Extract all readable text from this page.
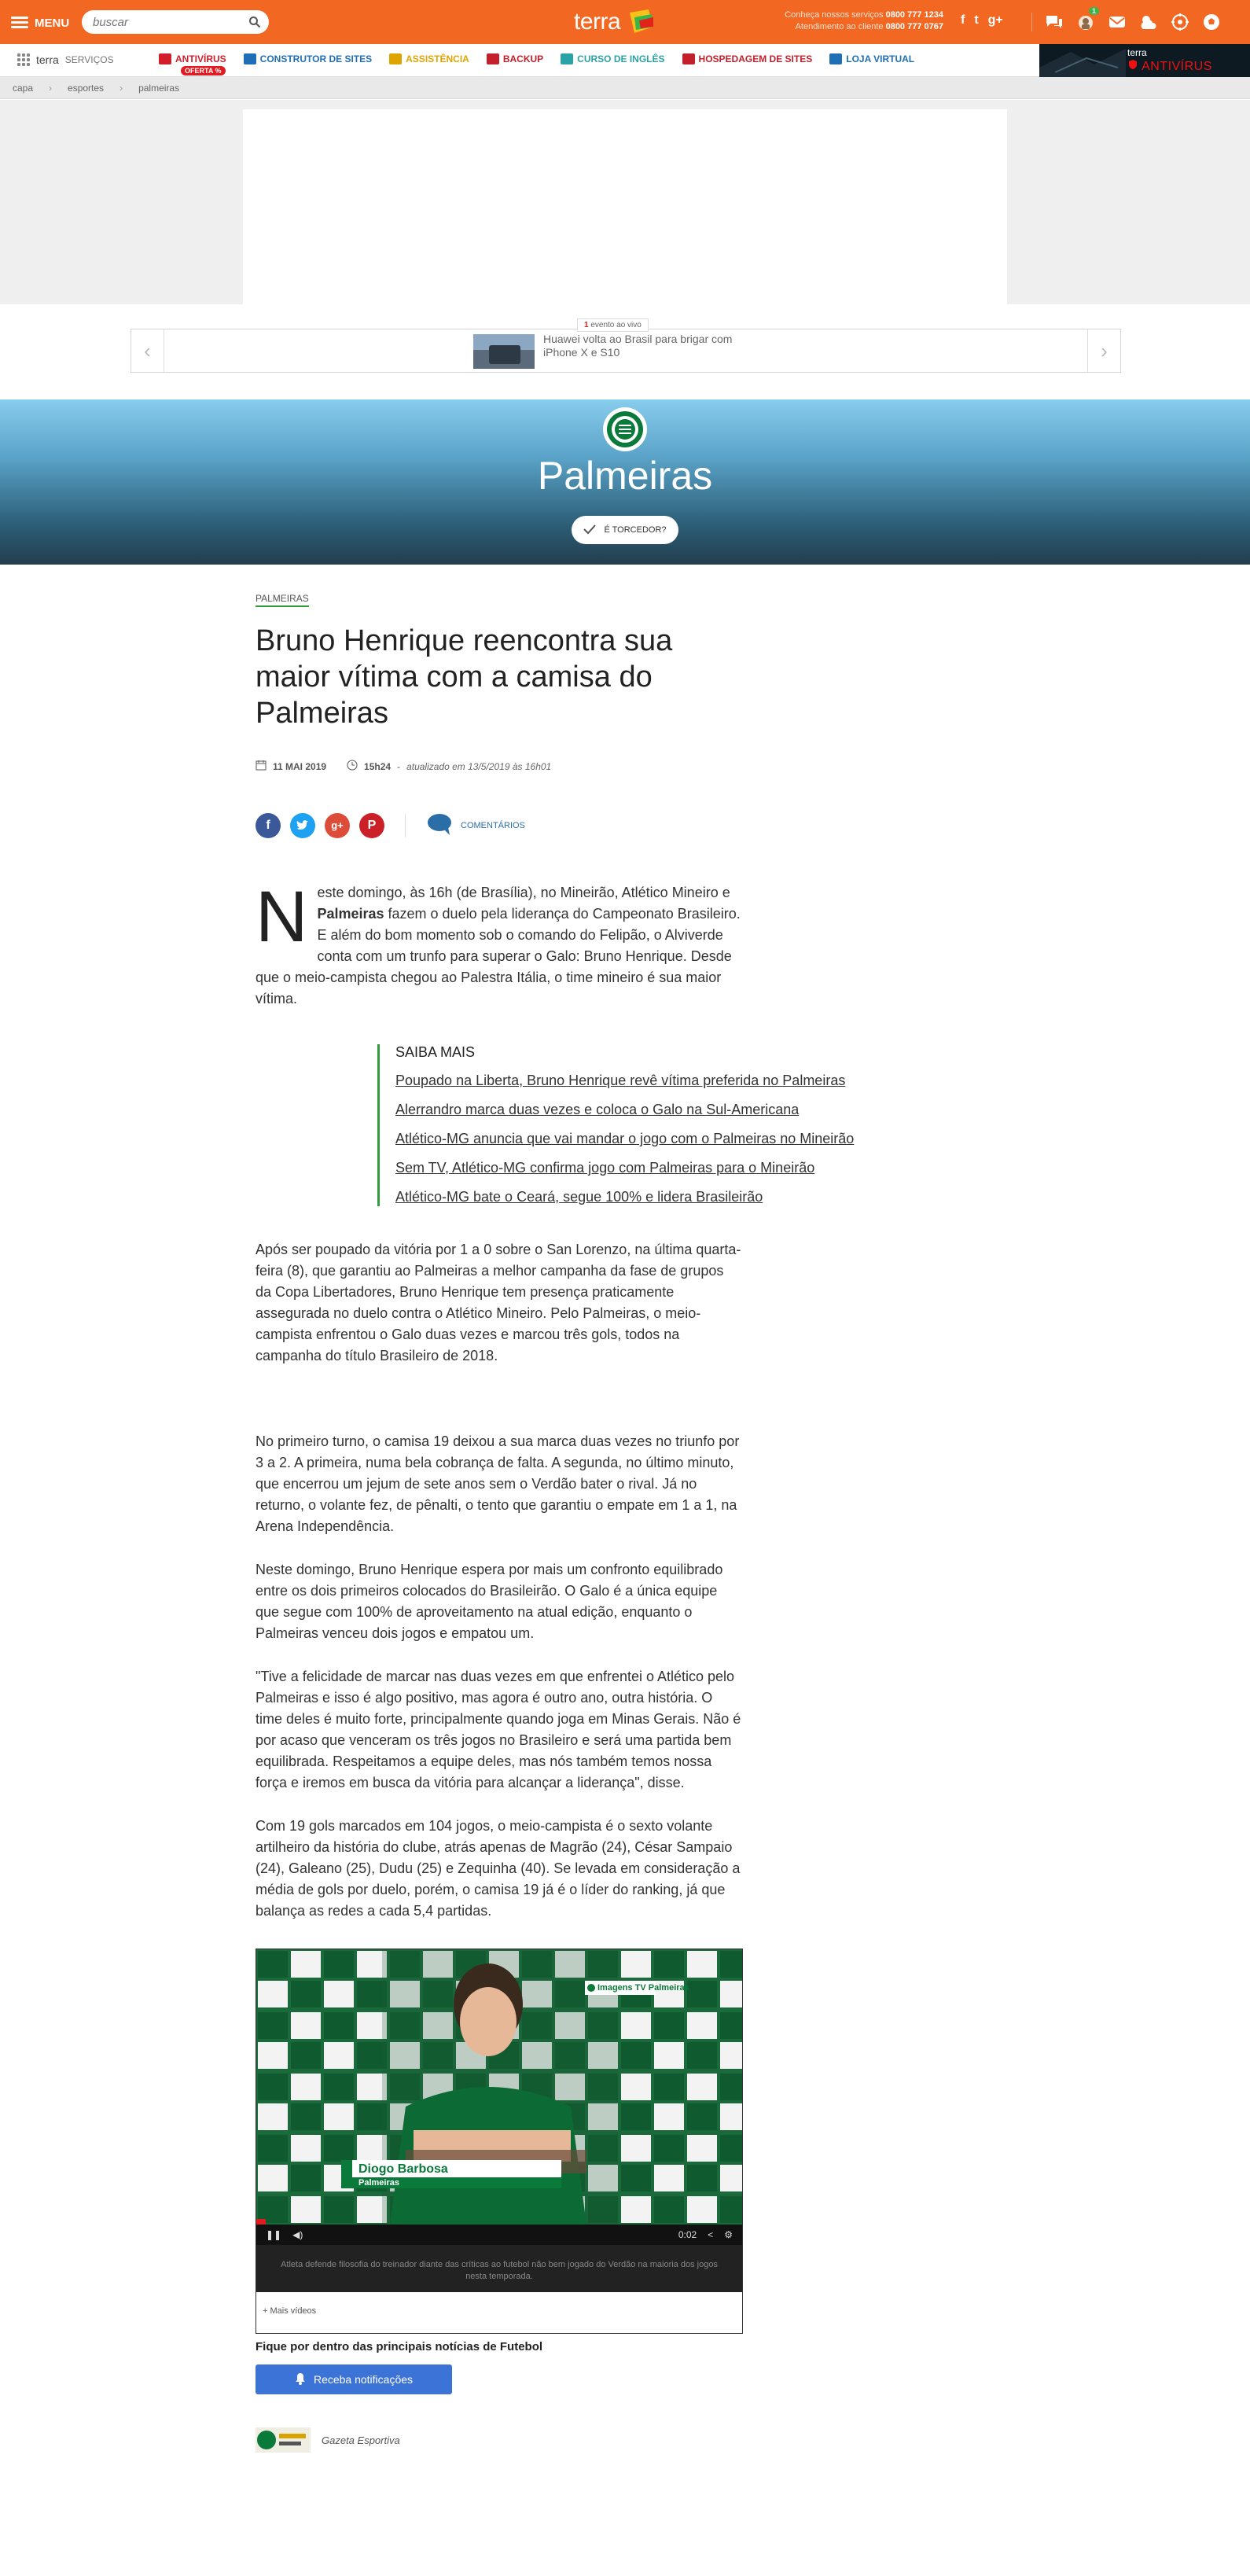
MENU
buscar	terra	Conheça nossos serviços 0800 777 1234
Atendimento ao cliente 0800 777 0767 f t g+
1
terra SERVIÇOS	ANTIVÍRUS
OFERTA %
CONSTRUTOR DE SITES	ASSISTÊNCIA	BACKUP	CURSO DE INGLÊS	HOSPEDAGEM DE SITES	LOJA VIRTUAL
terra
ANTIVÍRUS
capa › esportes › palmeiras
1 evento ao vivo
‹	Huawei volta ao Brasil para brigar com iPhone X e S10	›
Palmeiras
É TORCEDOR?
PALMEIRAS
Bruno Henrique reencontra sua maior vítima com a camisa do Palmeiras
11 MAI 2019	15h24 - atualizado em 13/5/2019 às 16h01
f	g+	P	COMENTÁRIOS
Neste domingo, às 16h (de Brasília), no Mineirão, Atlético Mineiro e Palmeiras fazem o duelo pela liderança do Campeonato Brasileiro. E além do bom momento sob o comando do Felipão, o Alviverde conta com um trunfo para superar o Galo: Bruno Henrique. Desde que o meio-campista chegou ao Palestra Itália, o time mineiro é sua maior vítima.
SAIBA MAIS
Poupado na Liberta, Bruno Henrique revê vítima preferida no Palmeiras
Alerrandro marca duas vezes e coloca o Galo na Sul-Americana
Atlético-MG anuncia que vai mandar o jogo com o Palmeiras no Mineirão
Sem TV, Atlético-MG confirma jogo com Palmeiras para o Mineirão
Atlético-MG bate o Ceará, segue 100% e lidera Brasileirão

Após ser poupado da vitória por 1 a 0 sobre o San Lorenzo, na última quarta-feira (8), que garantiu ao Palmeiras a melhor campanha da fase de grupos da Copa Libertadores, Bruno Henrique tem presença praticamente assegurada no duelo contra o Atlético Mineiro. Pelo Palmeiras, o meio-campista enfrentou o Galo duas vezes e marcou três gols, todos na campanha do título Brasileiro de 2018.

No primeiro turno, o camisa 19 deixou a sua marca duas vezes no triunfo por 3 a 2. A primeira, numa bela cobrança de falta. A segunda, no último minuto, que encerrou um jejum de sete anos sem o Verdão bater o rival. Já no returno, o volante fez, de pênalti, o tento que garantiu o empate em 1 a 1, na Arena Independência.

Neste domingo, Bruno Henrique espera por mais um confronto equilibrado entre os dois primeiros colocados do Brasileirão. O Galo é a única equipe que segue com 100% de aproveitamento na atual edição, enquanto o Palmeiras venceu dois jogos e empatou um.

"Tive a felicidade de marcar nas duas vezes em que enfrentei o Atlético pelo Palmeiras e isso é algo positivo, mas agora é outro ano, outra história. O time deles é muito forte, principalmente quando joga em Minas Gerais. Não é por acaso que venceram os três jogos no Brasileiro e será uma partida bem equilibrada. Respeitamos a equipe deles, mas nós também temos nossa força e iremos em busca da vitória para alcançar a liderança", disse.

Com 19 gols marcados em 104 jogos, o meio-campista é o sexto volante artilheiro da história do clube, atrás apenas de Magrão (24), César Sampaio (24), Galeano (25), Dudu (25) e Zequinha (40). Se levada em consideração a média de gols por duelo, porém, o camisa 19 já é o líder do ranking, já que balança as redes a cada 5,4 partidas.

Imagens TV Palmeiras
Diogo Barbosa
Palmeiras
❚❚ ◀︎)	0:02 < ⚙
Atleta defende filosofia do treinador diante das críticas ao futebol não bem jogado do Verdão na maioria dos jogos nesta temporada.
+ Mais vídeos
Fique por dentro das principais notícias de Futebol
Receba notificações
Gazeta Esportiva
